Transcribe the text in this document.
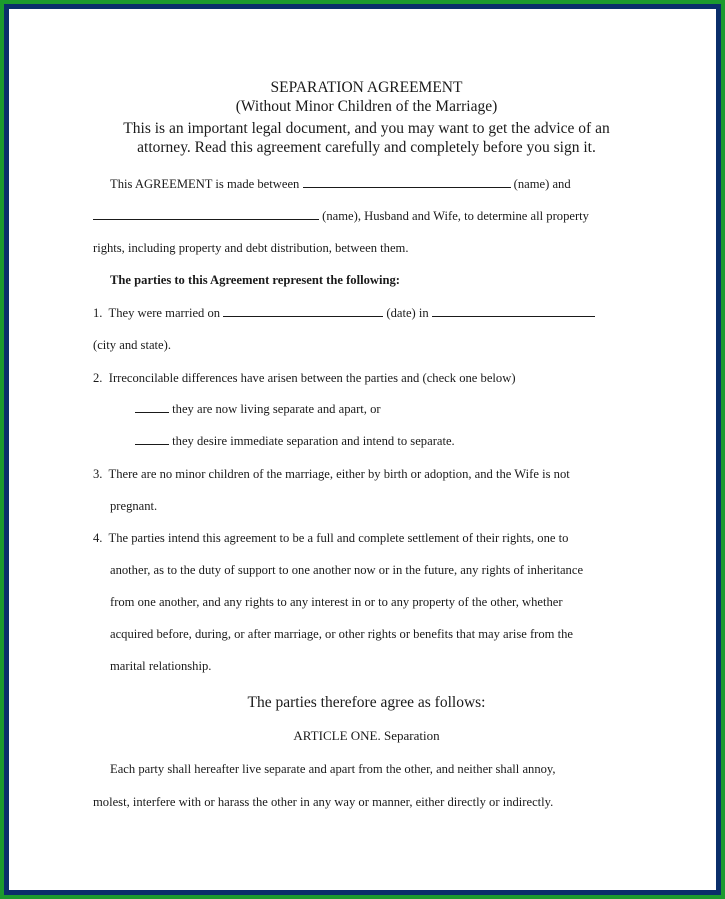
SEPARATION AGREEMENT
(Without Minor Children of the Marriage)
This is an important legal document, and you may want to get the advice of an
attorney. Read this agreement carefully and completely before you sign it.
This AGREEMENT is made between	(name) and
(name), Husband and Wife, to determine all property
rights, including property and debt distribution, between them.
The parties to this Agreement represent the following:
1. They were married on	(date) in
(city and state).
2. Irreconcilable differences have arisen between the parties and (check one below)
they are now living separate and apart, or
they desire immediate separation and intend to separate.
3. There are no minor children of the marriage, either by birth or adoption, and the Wife is not
pregnant.
4. The parties intend this agreement to be a full and complete settlement of their rights, one to
another, as to the duty of support to one another now or in the future, any rights of inheritance
from one another, and any rights to any interest in or to any property of the other, whether
acquired before, during, or after marriage, or other rights or benefits that may arise from the
marital relationship.
The parties therefore agree as follows:
ARTICLE ONE. Separation
Each party shall hereafter live separate and apart from the other, and neither shall annoy,
molest, interfere with or harass the other in any way or manner, either directly or indirectly.
